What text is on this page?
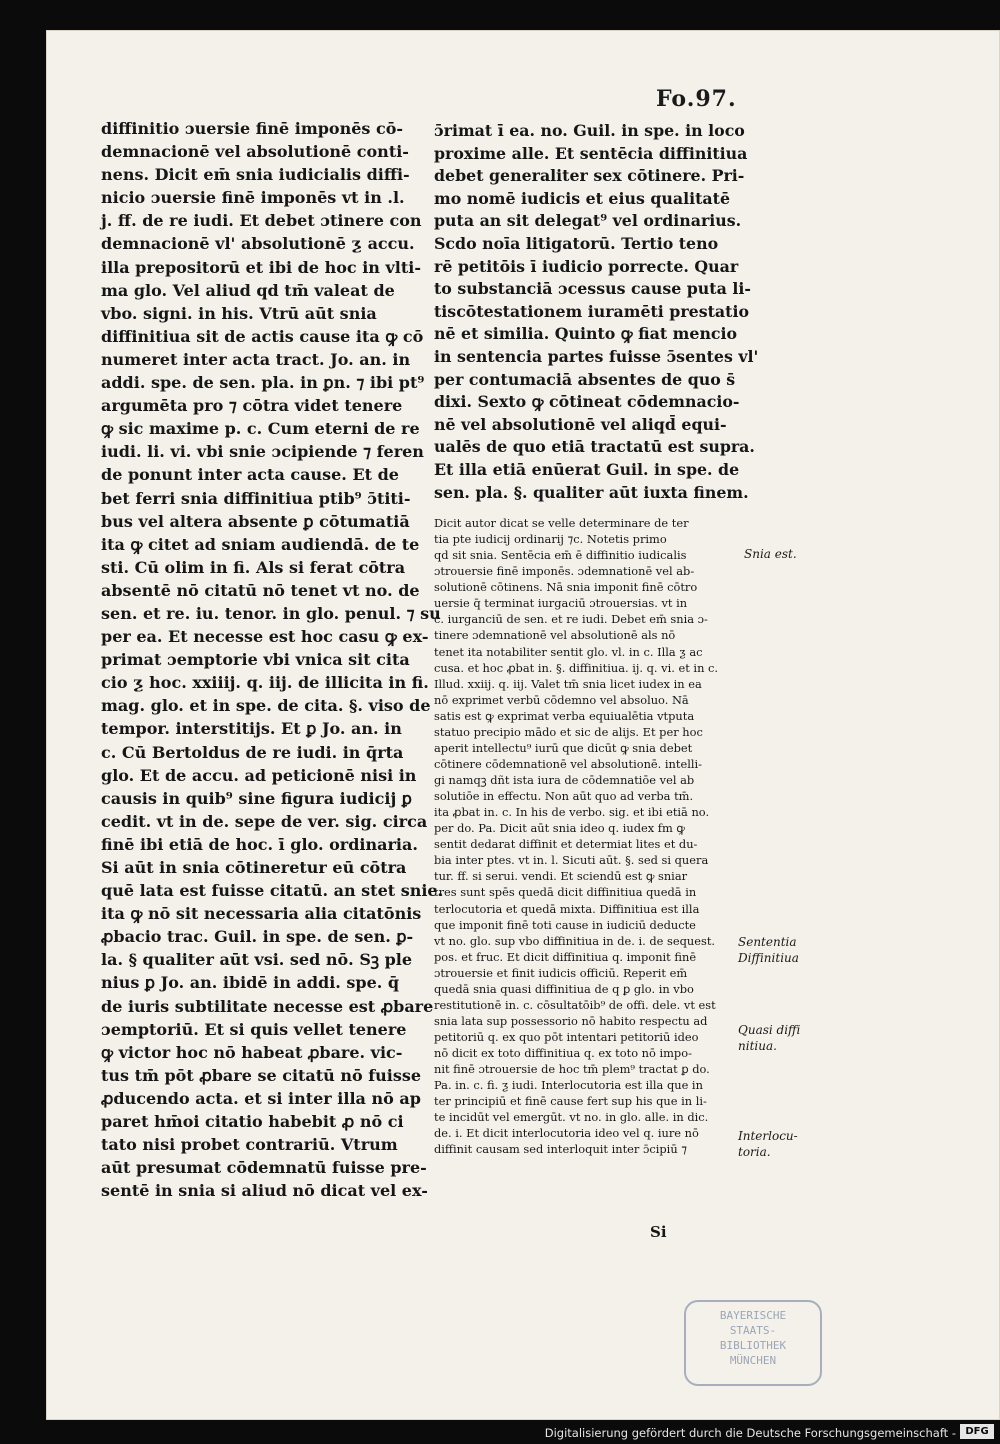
Fo.97.
diffinitio ɔuersie finē imponēs cō-
demnacionē vel absolutionē conti-
nens. Dicit em̄ snia iudicialis diffi-
nicio ɔuersie finē imponēs vt in .l.
j. ff. de re iudi. Et debet ɔtinere con
demnacionē vl' absolutionē ƺ accu.
illa prepositorū et ibi de hoc in vlti-
ma glo. Vel aliud qd tm̄ valeat de
vbo. signi. in his. Vtrū aūt snia
diffinitiua sit de actis cause ita ꝙ cō
numeret inter acta tract. Jo. an. in
addi. spe. de sen. pla. in ꝑn. ⁊ ibi pt⁹
argumēta pro ⁊ cōtra videt tenere
ꝙ sic maxime p. c. Cum eterni de re
iudi. li. vi. vbi snie ɔcipiende ⁊ feren
de ponunt inter acta cause. Et de
bet ferri snia diffinitiua ptib⁹ ɔ̄titi-
bus vel altera absente ꝑ cōtumatiā
ita ꝙ citet ad sniam audiendā. de te
sti. Cū olim in fi. Als si ferat cōtra
absentē nō citatū nō tenet vt no. de
sen. et re. iu. tenor. in glo. penul. ⁊ su
per ea. Et necesse est hoc casu ꝙ ex-
primat ɔemptorie vbi vnica sit cita
cio ƺ hoc. xxiiij. q. iij. de illicita in fi.
mag. glo. et in spe. de cita. §. viso de
tempor. interstitijs. Et ꝑ Jo. an. in
c. Cū Bertoldus de re iudi. in q̄rta
glo. Et de accu. ad peticionē nisi in
causis in quib⁹ sine figura iudicij ꝑ
cedit. vt in de. sepe de ver. sig. circa
finē ibi etiā de hoc. ī glo. ordinaria.
Si aūt in snia cōtineretur eū cōtra
quē lata est fuisse citatū. an stet snie.
ita ꝙ nō sit necessaria alia citatōnis
ꝓbacio trac. Guil. in spe. de sen. ꝑ-
la. § qualiter aūt vsi. sed nō. Sꝫ ple
nius ꝑ Jo. an. ibidē in addi. spe. q̄
de iuris subtilitate necesse est ꝓbare
ɔemptoriū. Et si quis vellet tenere
ꝙ victor hoc nō habeat ꝓbare. vic-
tus tm̄ pōt ꝓbare se citatū nō fuisse
ꝓducendo acta. et si inter illa nō ap
paret hm̄oi citatio habebit ꝓ nō ci
tato nisi probet contrariū. Vtrum
aūt presumat cōdemnatū fuisse pre-
sentē in snia si aliud nō dicat vel ex-
ɔ̄rimat ī ea. no. Guil. in spe. in loco
proxime alle. Et sentēcia diffinitiua
debet generaliter sex cōtinere. Pri-
mo nomē iudicis et eius qualitatē
puta an sit delegat⁹ vel ordinarius.
Scdo noīa litigatorū. Tertio teno
rē petitōis ī iudicio porrecte. Quar
to substanciā ɔcessus cause puta li-
tiscōtestationem iuramēti prestatio
nē et similia. Quinto ꝙ fiat mencio
in sentencia partes fuisse ɔ̄sentes vl'
per contumaciā absentes de quo s̄
dixi. Sexto ꝙ cōtineat cōdemnacio-
nē vel absolutionē vel aliqd̄ equi-
ualēs de quo etiā tractatū est supra.
Et illa etiā enūerat Guil. in spe. de
sen. pla. §. qualiter aūt iuxta finem.
Dicit autor dicat se velle determinare de ter
tia pte iudicij ordinarij ⁊c. Notetis primo
qd sit snia. Sentēcia em̄ ē diffinitio iudicalis
ɔtrouersie finē imponēs. ɔdemnationē vel ab-
solutionē cōtinens. Nā snia imponit finē cōtro
uersie q̄ terminat iurgaciū ɔtrouersias. vt in
c. iurganciū de sen. et re iudi. Debet em̄ snia ɔ-
tinere ɔdemnationē vel absolutionē als nō
tenet ita notabiliter sentit glo. vl. in c. Illa ƺ ac
cusa. et hoc ꝓbat in. §. diffinitiua. ij. q. vi. et in c.
Illud. xxiij. q. iij. Valet tm̄ snia licet iudex in ea
nō exprimet verbū cōdemno vel absoluo. Nā
satis est ꝙ exprimat verba equiualētia vtputa
statuo precipio mādo et sic de alijs. Et per hoc
aperit intellectu⁹ iurū que dicūt ꝙ snia debet
cōtinere cōdemnationē vel absolutionē. intelli-
gi namqꝫ dñt ista iura de cōdemnatiōe vel ab
solutiōe in effectu. Non aūt quo ad verba tm̄.
ita ꝓbat in. c. In his de verbo. sig. et ibi etiā no.
per do. Pa. Dicit aūt snia ideo q. iudex fm ꝙ
sentit dedarat diffinit et determiat lites et du-
bia inter ptes. vt in. l. Sicuti aūt. §. sed si quera
tur. ff. si serui. vendi. Et sciendū est ꝙ sniar
tres sunt spēs quedā dicit diffinitiua quedā in
terlocutoria et quedā mixta. Diffinitiua est illa
que imponit finē toti cause in iudiciū deducte
vt no. glo. sup vbo diffinitiua in de. i. de sequest.
pos. et fruc. Et dicit diffinitiua q. imponit finē
ɔtrouersie et finit iudicis officiū. Reperit em̄
quedā snia quasi diffinitiua de q ꝑ glo. in vbo
restitutionē in. c. cōsultatōib⁹ de offi. dele. vt est
snia lata sup possessorio nō habito respectu ad
petitoriū q. ex quo pōt intentari petitoriū ideo
nō dicit ex toto diffinitiua q. ex toto nō impo-
nit finē ɔtrouersie de hoc tm̄ plem⁹ tractat ꝑ do.
Pa. in. c. fi. ƺ iudi. Interlocutoria est illa que in
ter principiū et finē cause fert sup his que in li-
te incidūt vel emergūt. vt no. in glo. alle. in dic.
de. i. Et dicit interlocutoria ideo vel q. iure nō
diffinit causam sed interloquit inter ɔ̄cipiū ⁊
Si
Snia est.
Sententia
Diffinitiua
Quasi diffi
nitiua.
Interlocu-
toria.
BAYERISCHE
STAATS-
BIBLIOTHEK
MÜNCHEN
Digitalisierung gefördert durch die Deutsche Forschungsgemeinschaft - DFG
